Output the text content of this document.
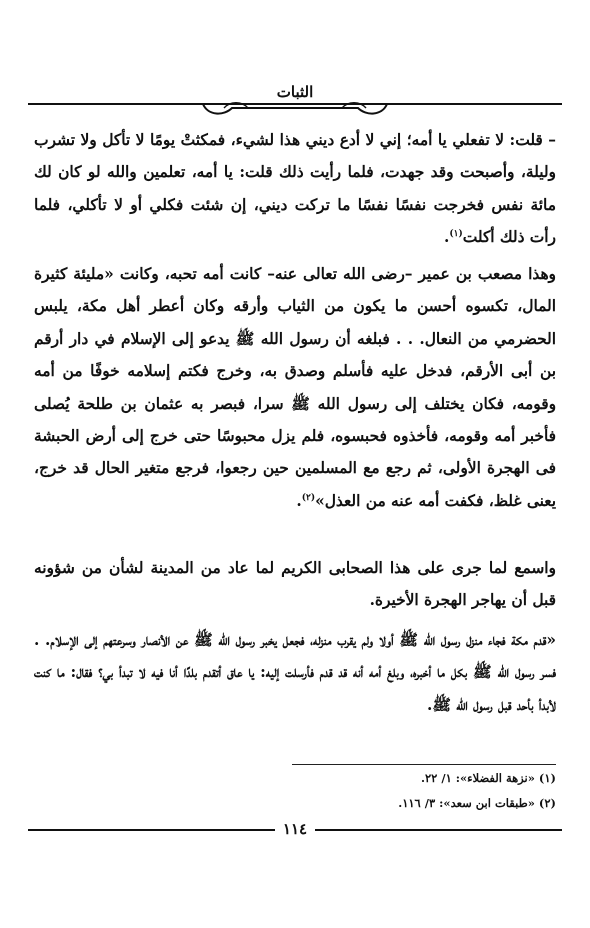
الثبات
– قلت: لا تفعلي يا أمه؛ إني لا أدع ديني هذا لشيء، فمكثتْ يومًا لا تأكل ولا تشرب وليلة، وأصبحت وقد جهدت، فلما رأيت ذلك قلت: يا أمه، تعلمين والله لو كان لك مائة نفس فخرجت نفسًا نفسًا ما تركت ديني، إن شئت فكلي أو لا تأكلي، فلما رأت ذلك أكلت$^{(١)}$.
وهذا مصعب بن عمير –رضى الله تعالى عنه– كانت أمه تحبه، وكانت «مليئة كثيرة المال، تكسوه أحسن ما يكون من الثياب وأرقه وكان أعطر أهل مكة، يلبس الحضرمي من النعال. . . فبلغه أن رسول الله ﷺ يدعو إلى الإسلام في دار أرقم بن أبى الأرقم، فدخل عليه فأسلم وصدق به، وخرج فكتم إسلامه خوفًا من أمه وقومه، فكان يختلف إلى رسول الله ﷺ سرا، فبصر به عثمان بن طلحة يُصلى فأخبر أمه وقومه، فأخذوه فحبسوه، فلم يزل محبوسًا حتى خرج إلى أرض الحبشة فى الهجرة الأولى، ثم رجع مع المسلمين حين رجعوا، فرجع متغير الحال قد خرج، يعنى غلظ، فكفت أمه عنه من العذل»$^{(٢)}$.
واسمع لما جرى على هذا الصحابى الكريم لما عاد من المدينة لشأن من شؤونه قبل أن يهاجر الهجرة الأخيرة.
«قدم مكة فجاء منزل رسول الله ﷺ أولا ولم يقرب منزله، فجعل يخبر رسول الله ﷺ عن الأنصار وسرعتهم إلى الإسلام. . فسر رسول الله ﷺ بكل ما أخبره، وبلغ أمه أنه قد قدم فأرسلت إليه: يا عاق أتقدم بلدًا أنا فيه لا تبدأ بي؟ فقال: ما كنت لأبدأ بأحد قبل رسول الله ﷺ.
(١) «نزهة الفضلاء»: ١/ ٢٢.
(٢) «طبقات ابن سعد»: ٣/ ١١٦.
١١٤
